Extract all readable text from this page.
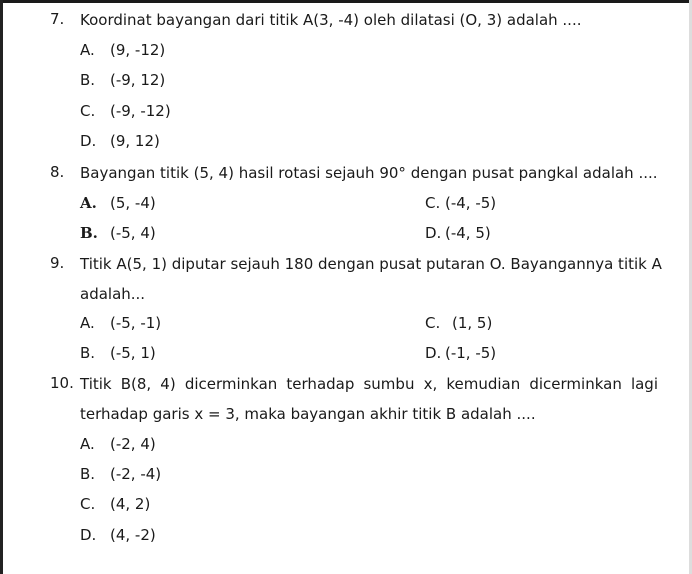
7. Koordinat bayangan dari titik A(3, -4) oleh dilatasi (O, 3) adalah ....
A. (9, -12)
B. (-9, 12)
C. (-9, -12)
D. (9, 12)
8. Bayangan titik (5, 4) hasil rotasi sejauh 90° dengan pusat pangkal adalah ....
A. (5, -4)
B. (-5, 4)
C. (-4, -5)
D. (-4, 5)
9. Titik A(5, 1) diputar sejauh 180 dengan pusat putaran O. Bayangannya titik A
adalah...
A. (-5, -1)
B. (-5, 1)
C. (1, 5)
D. (-1, -5)
10. Titik B(8, 4) dicerminkan terhadap sumbu x, kemudian dicerminkan lagi
terhadap garis x = 3, maka bayangan akhir titik B adalah ....
A. (-2, 4)
B. (-2, -4)
C. (4, 2)
D. (4, -2)
